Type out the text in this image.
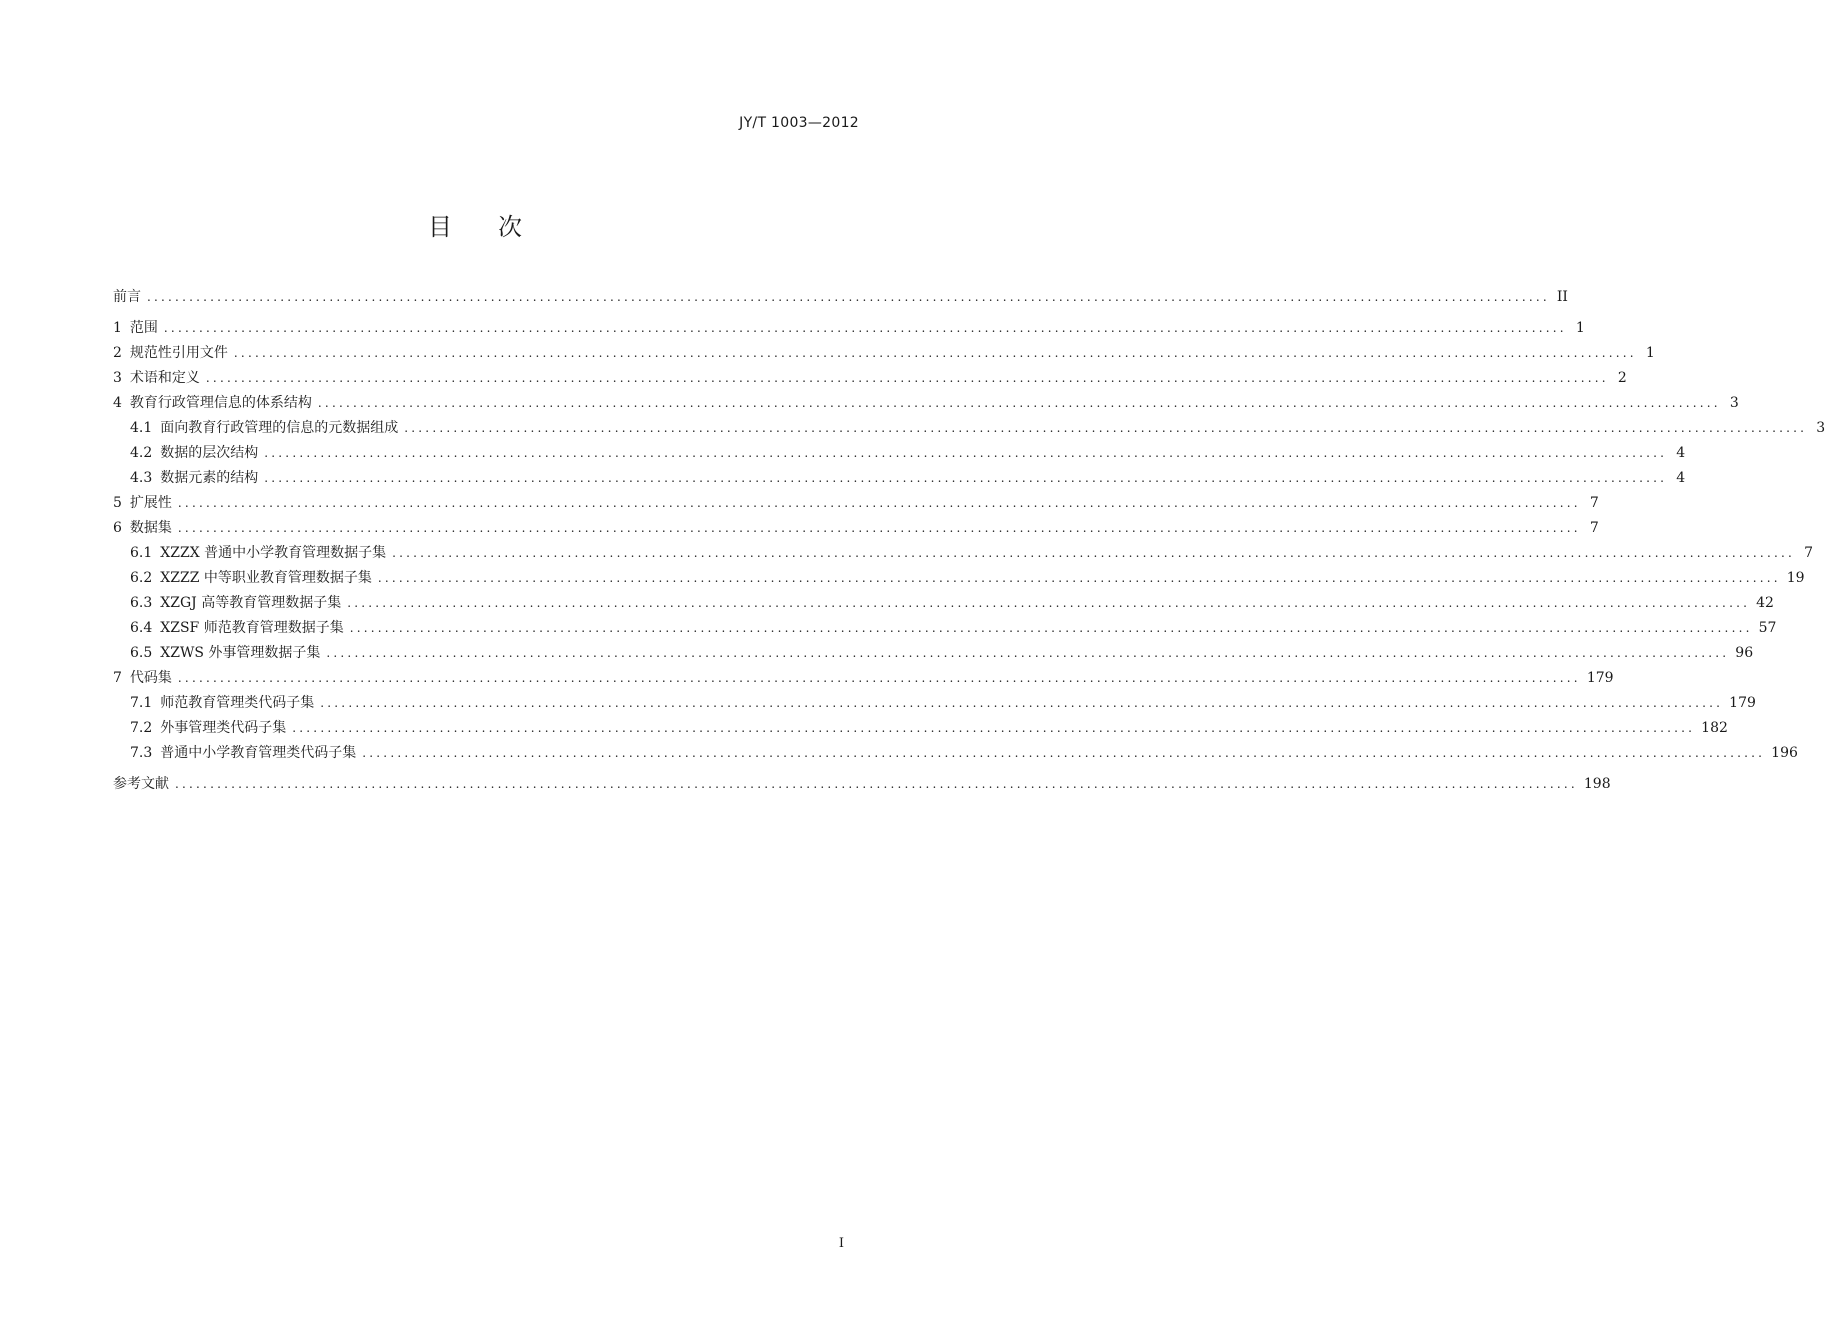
JY/T 1003—2012
目次
前言 ........................................................................................................................................................................................................ II
1 范围 ........................................................................................................................................................................................................ 1
2 规范性引用文件 ........................................................................................................................................................................................................ 1
3 术语和定义 ........................................................................................................................................................................................................ 2
4 教育行政管理信息的体系结构 ........................................................................................................................................................................................................ 3
4.1 面向教育行政管理的信息的元数据组成 ........................................................................................................................................................................................................ 3
4.2 数据的层次结构 ........................................................................................................................................................................................................ 4
4.3 数据元素的结构 ........................................................................................................................................................................................................ 4
5 扩展性 ........................................................................................................................................................................................................ 7
6 数据集 ........................................................................................................................................................................................................ 7
6.1 XZZX 普通中小学教育管理数据子集 ........................................................................................................................................................................................................ 7
6.2 XZZZ 中等职业教育管理数据子集 ........................................................................................................................................................................................................ 19
6.3 XZGJ 高等教育管理数据子集 ........................................................................................................................................................................................................ 42
6.4 XZSF 师范教育管理数据子集 ........................................................................................................................................................................................................ 57
6.5 XZWS 外事管理数据子集 ........................................................................................................................................................................................................ 96
7 代码集 ........................................................................................................................................................................................................ 179
7.1 师范教育管理类代码子集 ........................................................................................................................................................................................................ 179
7.2 外事管理类代码子集 ........................................................................................................................................................................................................ 182
7.3 普通中小学教育管理类代码子集 ........................................................................................................................................................................................................ 196
参考文献 ........................................................................................................................................................................................................ 198
I
